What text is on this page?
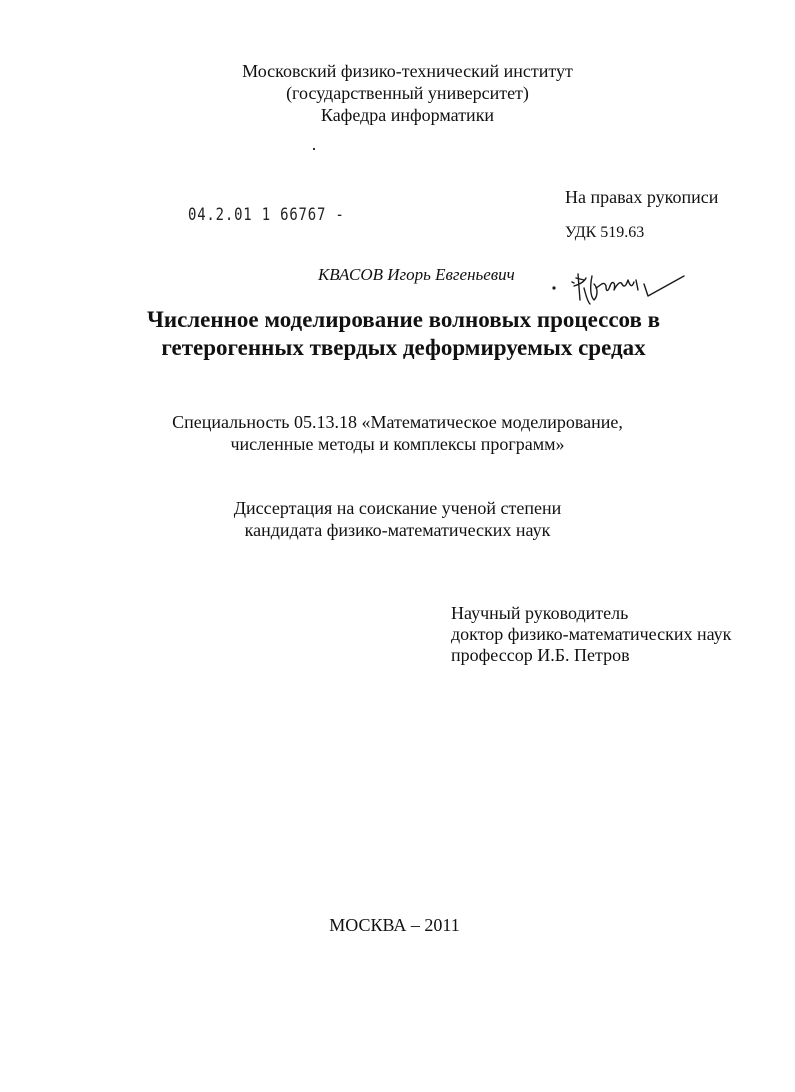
Московский физико-технический институт
(государственный университет)
Кафедра информатики
04.2.01 1 66767 -
На правах рукописи
УДК 519.63
КВАСОВ Игорь Евгеньевич
Численное моделирование волновых процессов в
гетерогенных твердых деформируемых средах
Специальность 05.13.18 «Математическое моделирование,
численные методы и комплексы программ»
Диссертация на соискание ученой степени
кандидата физико-математических наук
Научный руководитель
доктор физико-математических наук
профессор И.Б. Петров
МОСКВА – 2011
